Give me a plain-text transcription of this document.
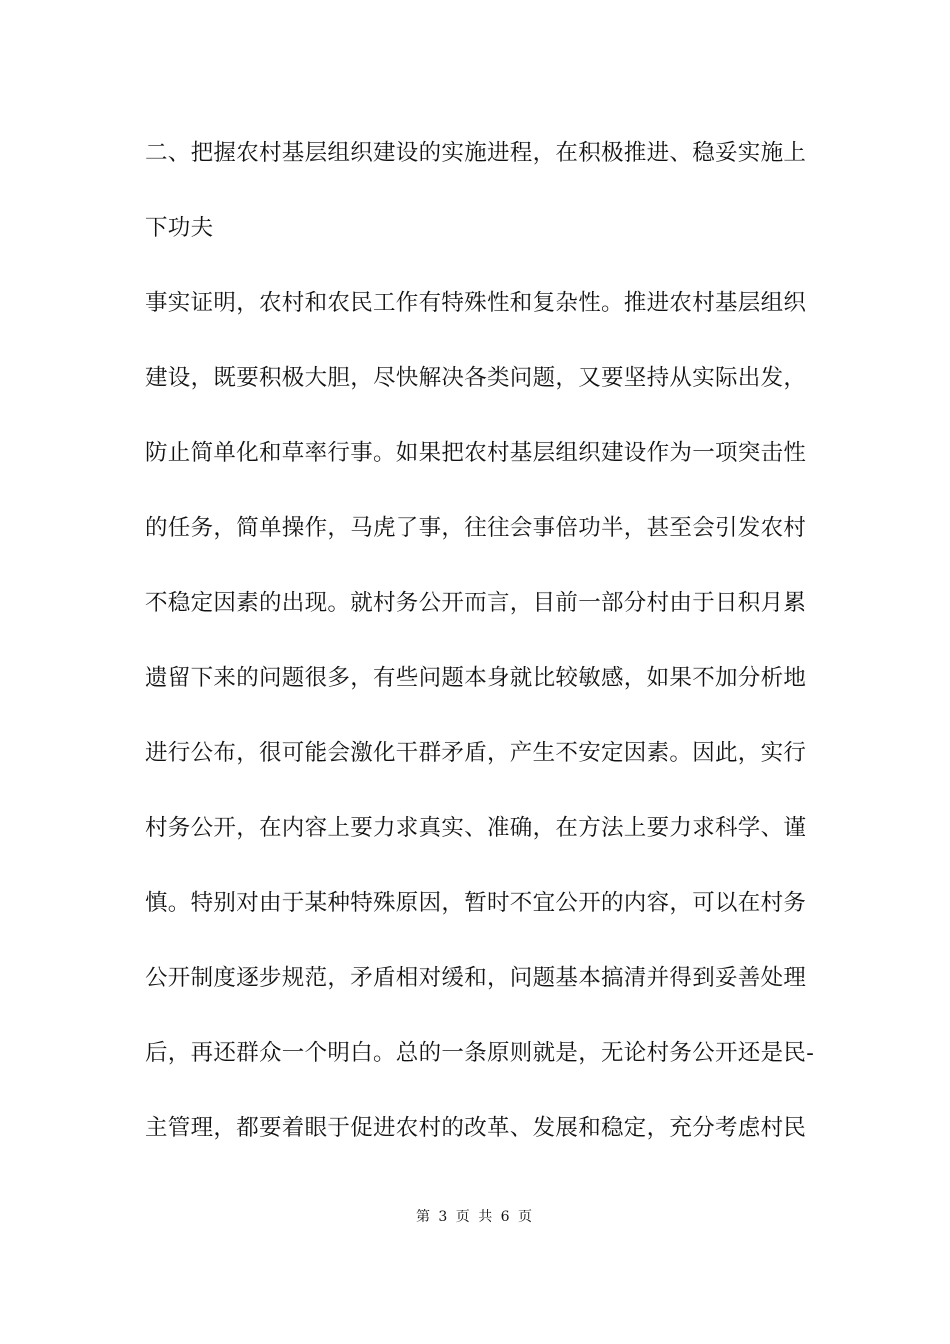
二、把握农村基层组织建设的实施进程，在积极推进、稳妥实施上
下功夫
事实证明，农村和农民工作有特殊性和复杂性。推进农村基层组织
建设，既要积极大胆，尽快解决各类问题，又要坚持从实际出发，
防止简单化和草率行事。如果把农村基层组织建设作为一项突击性
的任务，简单操作，马虎了事，往往会事倍功半，甚至会引发农村
不稳定因素的出现。就村务公开而言，目前一部分村由于日积月累
遗留下来的问题很多，有些问题本身就比较敏感，如果不加分析地
进行公布，很可能会激化干群矛盾，产生不安定因素。因此，实行
村务公开，在内容上要力求真实、准确，在方法上要力求科学、谨
慎。特别对由于某种特殊原因，暂时不宜公开的内容，可以在村务
公开制度逐步规范，矛盾相对缓和，问题基本搞清并得到妥善处理
后，再还群众一个明白。总的一条原则就是，无论村务公开还是民-
主管理，都要着眼于促进农村的改革、发展和稳定，充分考虑村民
第 3 页 共 6 页
